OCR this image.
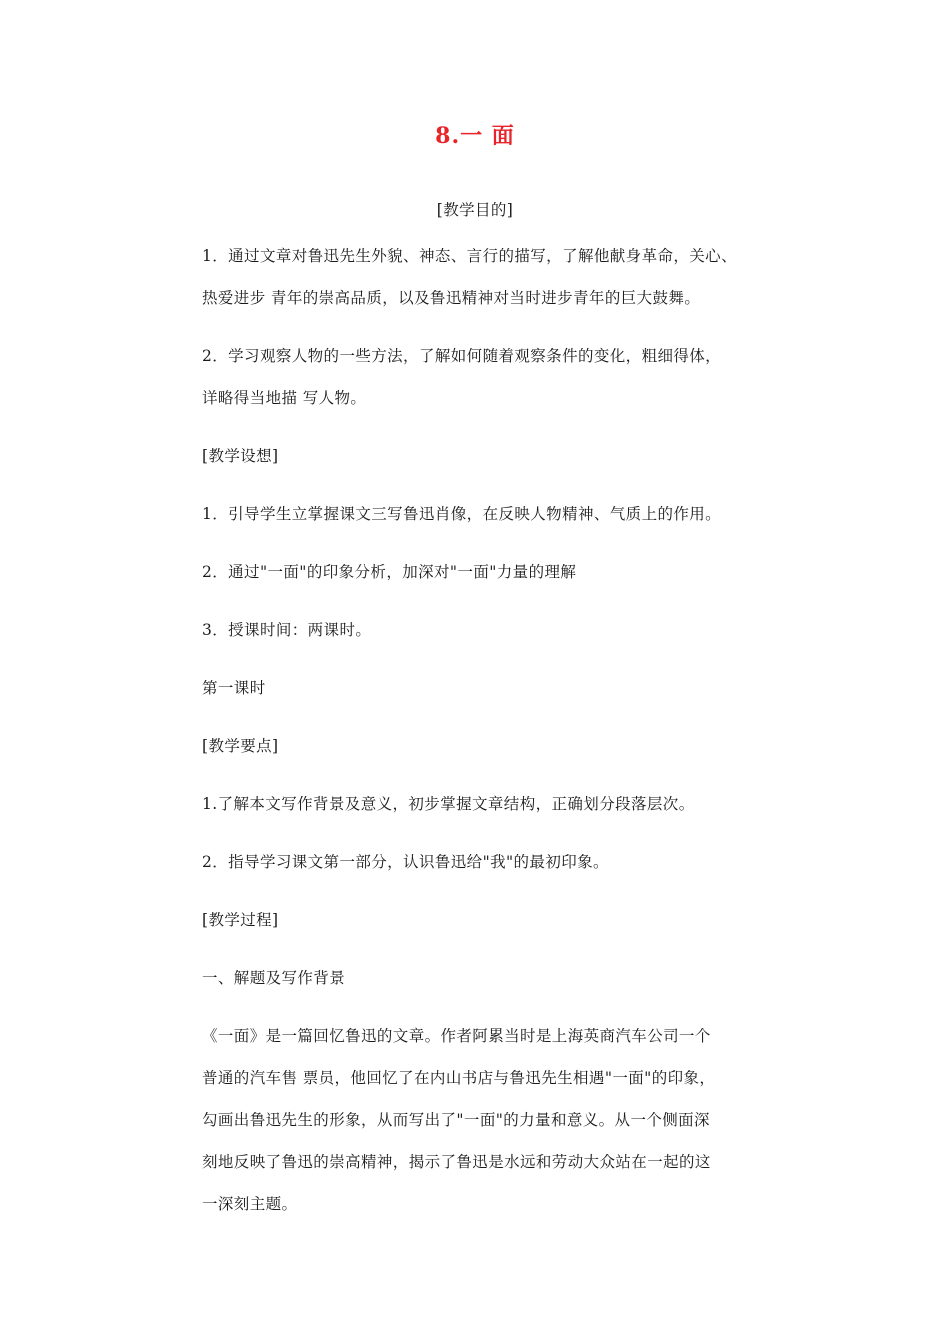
8.一 面
[教学目的]
1．通过文章对鲁迅先生外貌、神态、言行的描写，了解他献身革命，关心、
热爱进步 青年的崇高品质，以及鲁迅精神对当时进步青年的巨大鼓舞。
2．学习观察人物的一些方法，了解如何随着观察条件的变化，粗细得体，
详略得当地描 写人物。
[教学设想]
1．引导学生立掌握课文三写鲁迅肖像，在反映人物精神、气质上的作用。
2．通过"一面"的印象分析，加深对"一面"力量的理解
3．授课时间：两课时。
第一课时
[教学要点]
1.了解本文写作背景及意义，初步掌握文章结构，正确划分段落层次。
2．指导学习课文第一部分，认识鲁迅给"我"的最初印象。
[教学过程]
一、解题及写作背景
《一面》是一篇回忆鲁迅的文章。作者阿累当时是上海英商汽车公司一个
普通的汽车售 票员，他回忆了在内山书店与鲁迅先生相遇"一面"的印象，
勾画出鲁迅先生的形象，从而写出了"一面"的力量和意义。从一个侧面深
刻地反映了鲁迅的崇高精神，揭示了鲁迅是水远和劳动大众站在一起的这
一深刻主题。
